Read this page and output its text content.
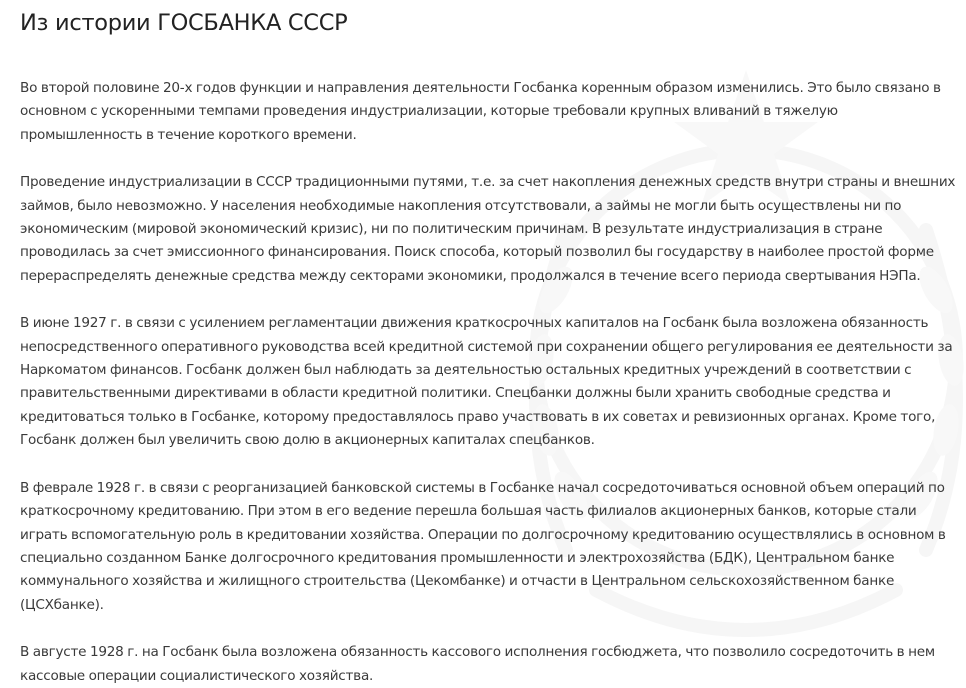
Из истории ГОСБАНКА СССР

Во второй половине 20-х годов функции и направления деятельности Госбанка коренным образом изменились. Это было связано в основном с ускоренными темпами проведения индустриализации, которые требовали крупных вливаний в тяжелую промышленность в течение короткого времени.

Проведение индустриализации в СССР традиционными путями, т.е. за счет накопления денежных средств внутри страны и внешних займов, было невозможно. У населения необходимые накопления отсутствовали, а займы не могли быть осуществлены ни по экономическим (мировой экономический кризис), ни по политическим причинам. В результате индустриализация в стране проводилась за счет эмиссионного финансирования. Поиск способа, который позволил бы государству в наиболее простой форме перераспределять денежные средства между секторами экономики, продолжался в течение всего периода свертывания НЭПа.

В июне 1927 г. в связи с усилением регламентации движения краткосрочных капиталов на Госбанк была возложена обязанность непосредственного оперативного руководства всей кредитной системой при сохранении общего регулирования ее деятельности за Наркоматом финансов. Госбанк должен был наблюдать за деятельностью остальных кредитных учреждений в соответствии с правительственными директивами в области кредитной политики. Спецбанки должны были хранить свободные средства и кредитоваться только в Госбанке, которому предоставлялось право участвовать в их советах и ревизионных органах. Кроме того, Госбанк должен был увеличить свою долю в акционерных капиталах спецбанков.

В феврале 1928 г. в связи с реорганизацией банковской системы в Госбанке начал сосредоточиваться основной объем операций по краткосрочному кредитованию. При этом в его ведение перешла большая часть филиалов акционерных банков, которые стали играть вспомогательную роль в кредитовании хозяйства. Операции по долгосрочному кредитованию осуществлялись в основном в специально созданном Банке долгосрочного кредитования промышленности и электрохозяйства (БДК), Центральном банке коммунального хозяйства и жилищного строительства (Цекомбанке) и отчасти в Центральном сельскохозяйственном банке (ЦСХбанке).

В августе 1928 г. на Госбанк была возложена обязанность кассового исполнения госбюджета, что позволило сосредоточить в нем кассовые операции социалистического хозяйства.
